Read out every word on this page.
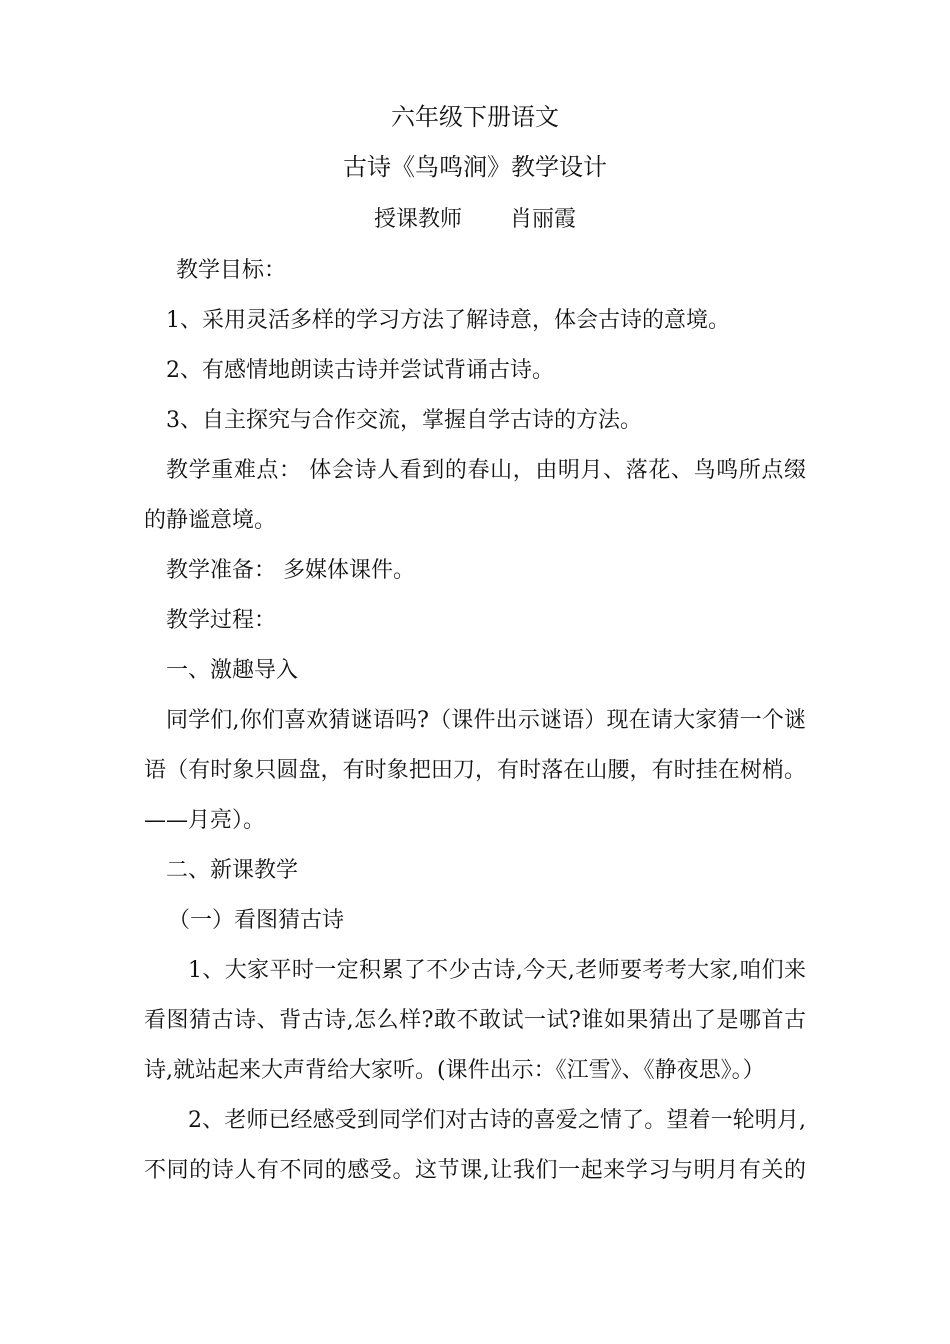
六年级下册语文
古诗《鸟鸣涧》教学设计
授课教师 肖丽霞
教学目标：
1、采用灵活多样的学习方法了解诗意，体会古诗的意境。
2、有感情地朗读古诗并尝试背诵古诗。
3、自主探究与合作交流，掌握自学古诗的方法。
教学重难点： 体会诗人看到的春山，由明月、落花、鸟鸣所点缀
的静谧意境。
教学准备： 多媒体课件。
教学过程：
一、激趣导入
同学们,你们喜欢猜谜语吗?（课件出示谜语）现在请大家猜一个谜
语（有时象只圆盘，有时象把田刀，有时落在山腰，有时挂在树梢。
——月亮）。
二、新课教学
（一）看图猜古诗
1、大家平时一定积累了不少古诗,今天,老师要考考大家,咱们来
看图猜古诗、背古诗,怎么样?敢不敢试一试?谁如果猜出了是哪首古
诗,就站起来大声背给大家听。(课件出示：《江雪》、《静夜思》。）
2、老师已经感受到同学们对古诗的喜爱之情了。望着一轮明月,
不同的诗人有不同的感受。这节课,让我们一起来学习与明月有关的
